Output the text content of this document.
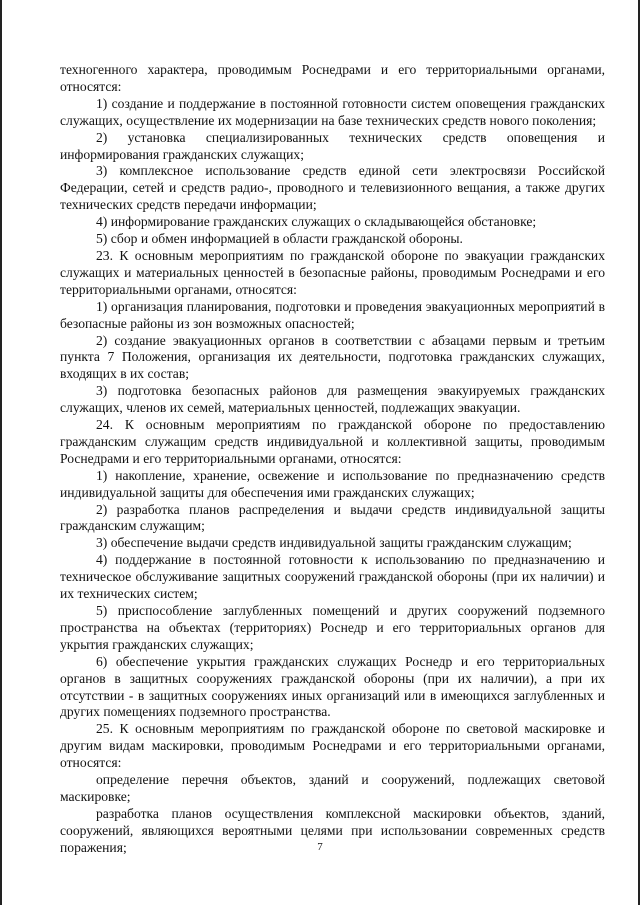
техногенного характера, проводимым Роснедрами и его территориальными органами, относятся:

1) создание и поддержание в постоянной готовности систем оповещения гражданских служащих, осуществление их модернизации на базе технических средств нового поколения;

2) установка специализированных технических средств оповещения и информирования гражданских служащих;

3) комплексное использование средств единой сети электросвязи Российской Федерации, сетей и средств радио-, проводного и телевизионного вещания, а также других технических средств передачи информации;

4) информирование гражданских служащих о складывающейся обстановке;

5) сбор и обмен информацией в области гражданской обороны.

23. К основным мероприятиям по гражданской обороне по эвакуации гражданских служащих и материальных ценностей в безопасные районы, проводимым Роснедрами и его территориальными органами, относятся:

1) организация планирования, подготовки и проведения эвакуационных мероприятий в безопасные районы из зон возможных опасностей;

2) создание эвакуационных органов в соответствии с абзацами первым и третьим пункта 7 Положения, организация их деятельности, подготовка гражданских служащих, входящих в их состав;

3) подготовка безопасных районов для размещения эвакуируемых гражданских служащих, членов их семей, материальных ценностей, подлежащих эвакуации.

24. К основным мероприятиям по гражданской обороне по предоставлению гражданским служащим средств индивидуальной и коллективной защиты, проводимым Роснедрами и его территориальными органами, относятся:

1) накопление, хранение, освежение и использование по предназначению средств индивидуальной защиты для обеспечения ими гражданских служащих;

2) разработка планов распределения и выдачи средств индивидуальной защиты гражданским служащим;

3) обеспечение выдачи средств индивидуальной защиты гражданским служащим;

4) поддержание в постоянной готовности к использованию по предназначению и техническое обслуживание защитных сооружений гражданской обороны (при их наличии) и их технических систем;

5) приспособление заглубленных помещений и других сооружений подземного пространства на объектах (территориях) Роснедр и его территориальных органов для укрытия гражданских служащих;

6) обеспечение укрытия гражданских служащих Роснедр и его территориальных органов в защитных сооружениях гражданской обороны (при их наличии), а при их отсутствии - в защитных сооружениях иных организаций или в имеющихся заглубленных и других помещениях подземного пространства.

25. К основным мероприятиям по гражданской обороне по световой маскировке и другим видам маскировки, проводимым Роснедрами и его территориальными органами, относятся:

определение перечня объектов, зданий и сооружений, подлежащих световой маскировке;

разработка планов осуществления комплексной маскировки объектов, зданий, сооружений, являющихся вероятными целями при использовании современных средств поражения;	7
